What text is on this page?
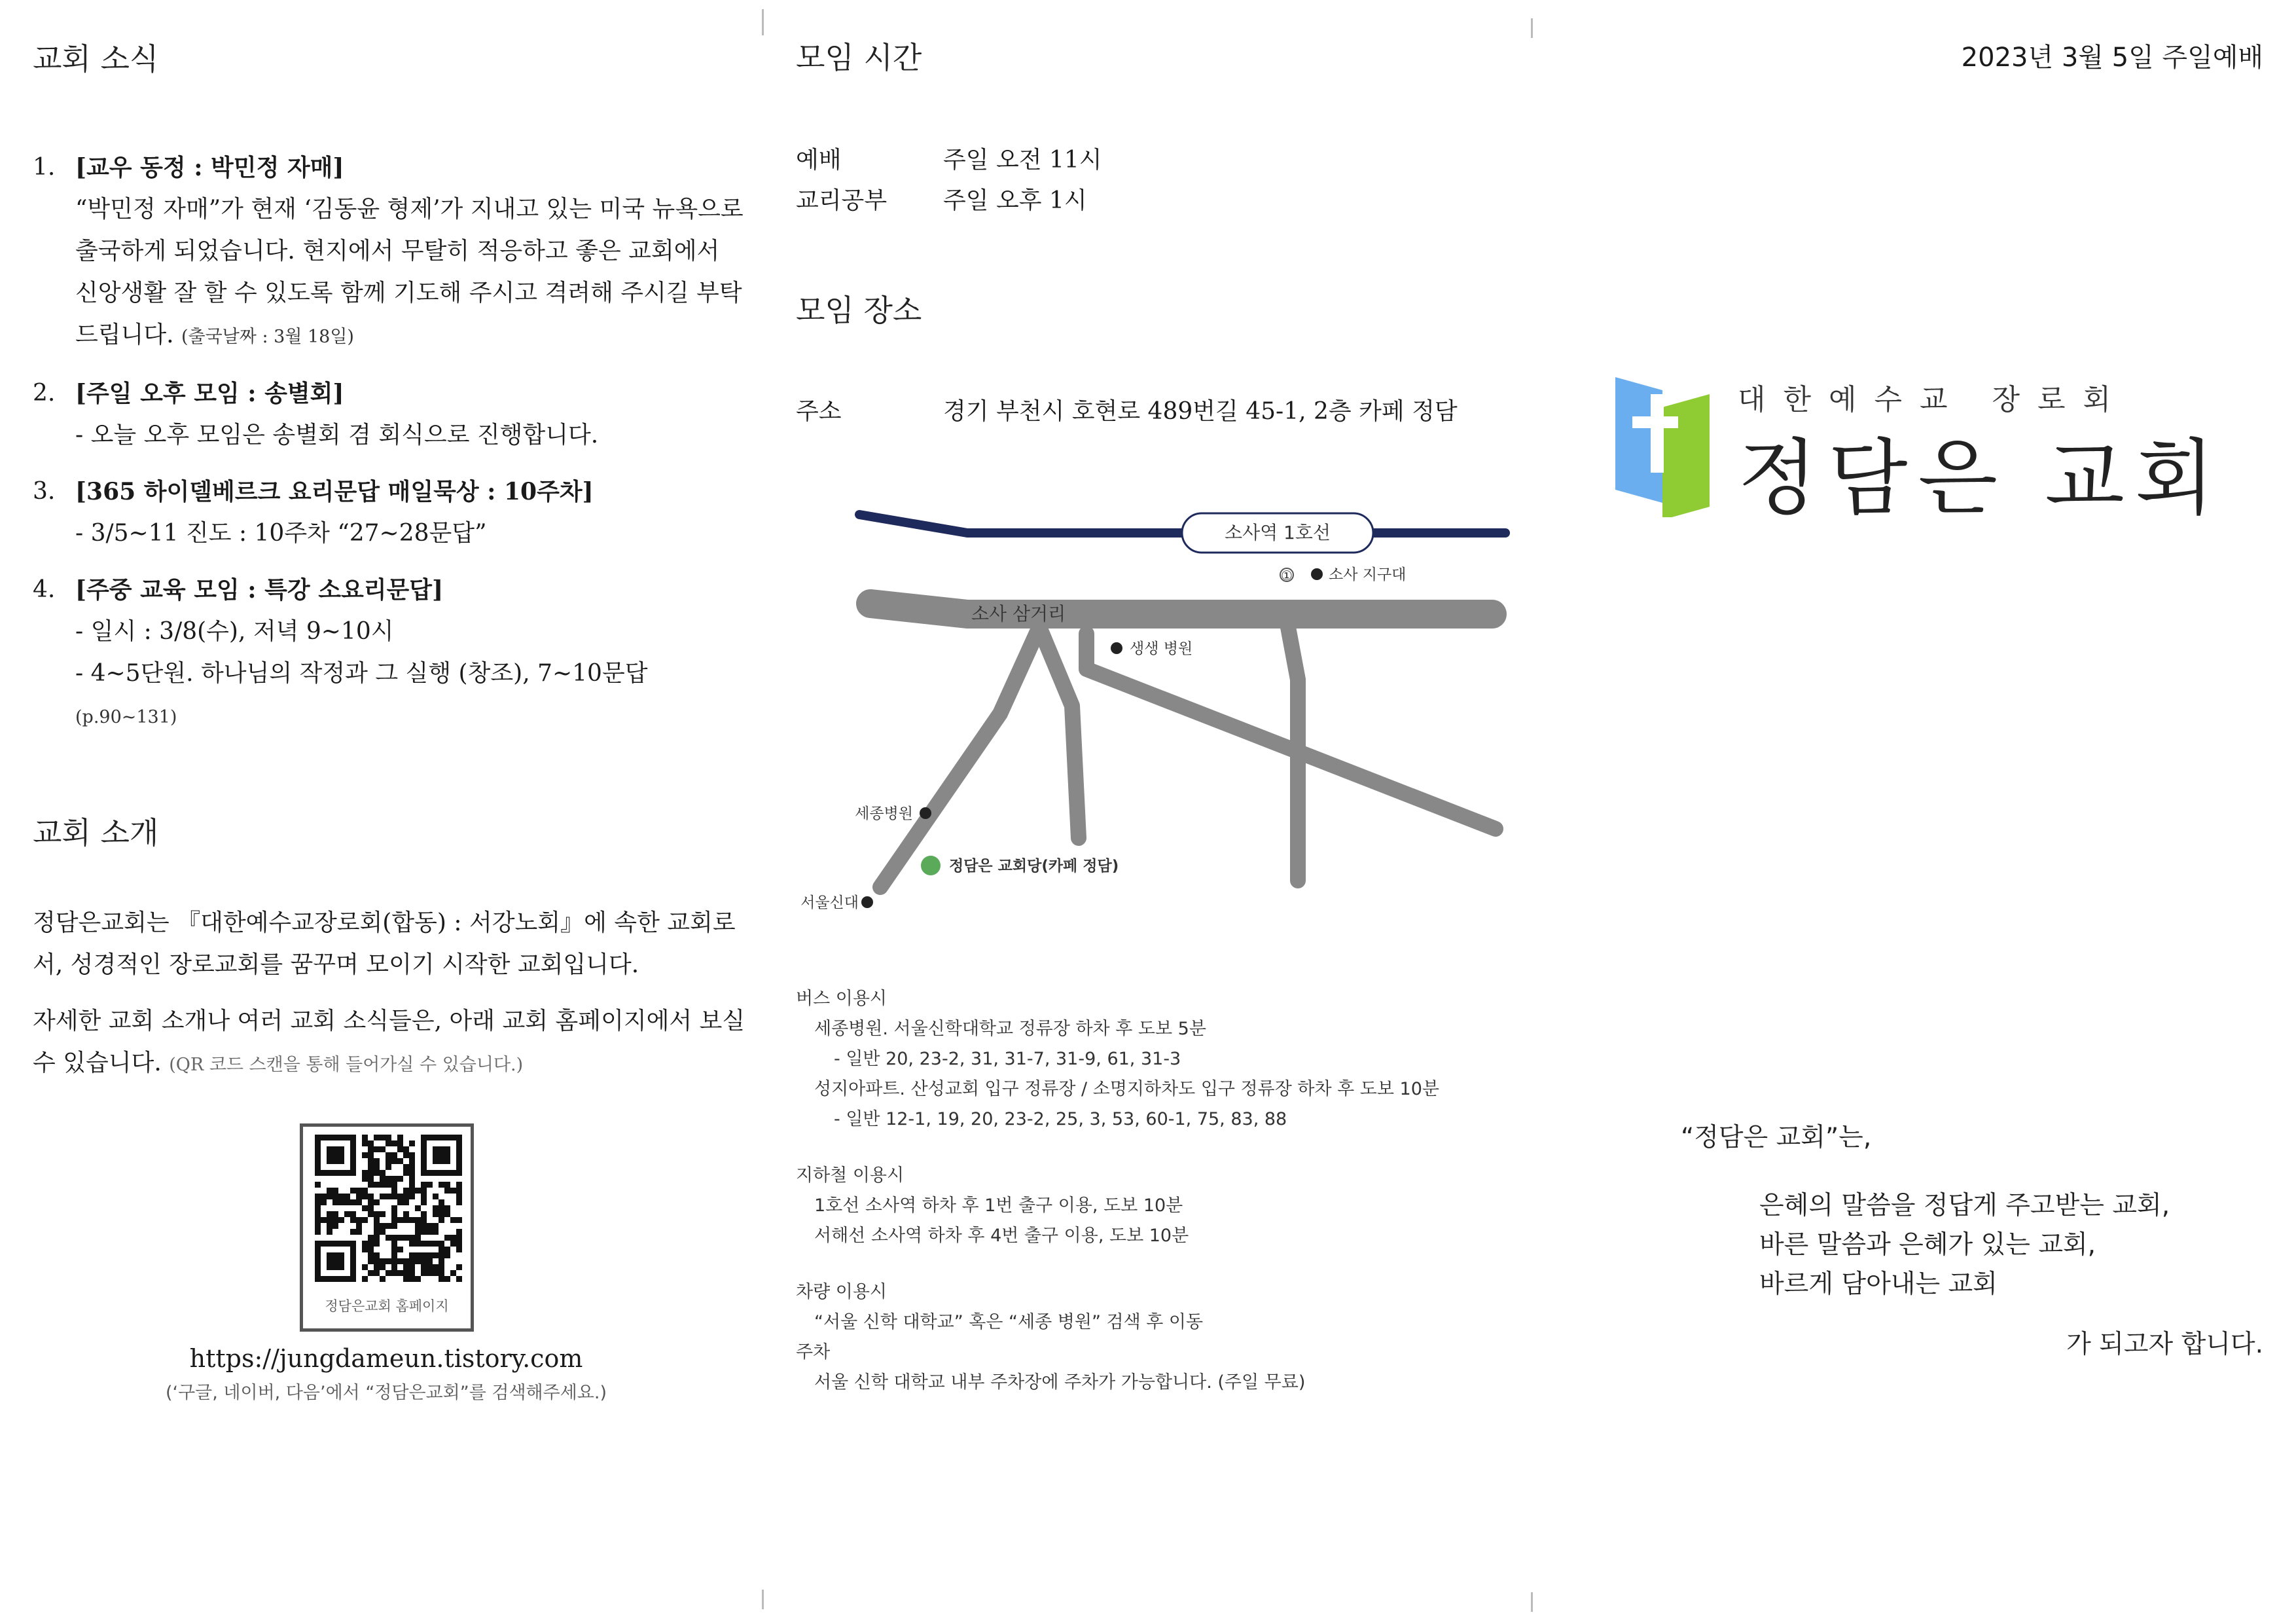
교회 소식
1. [교우 동정 : 박민정 자매]
“박민정 자매”가 현재 ‘김동윤 형제’가 지내고 있는 미국 뉴욕으로 출국하게 되었습니다. 현지에서 무탈히 적응하고 좋은 교회에서 신앙생활 잘 할 수 있도록 함께 기도해 주시고 격려해 주시길 부탁드립니다. (출국날짜 : 3월 18일)
2. [주일 오후 모임 : 송별회]
- 오늘 오후 모임은 송별회 겸 회식으로 진행합니다.
3. [365 하이델베르크 요리문답 매일묵상 : 10주차]
- 3/5~11 진도 : 10주차 “27~28문답”
4. [주중 교육 모임 : 특강 소요리문답]
- 일시 : 3/8(수), 저녁 9~10시
- 4~5단원. 하나님의 작정과 그 실행 (창조), 7~10문답 (p.90~131)
교회 소개

정담은교회는 『대한예수교장로회(합동) : 서강노회』에 속한 교회로서, 성경적인 장로교회를 꿈꾸며 모이기 시작한 교회입니다.

자세한 교회 소개나 여러 교회 소식들은, 아래 교회 홈페이지에서 보실 수 있습니다. (QR 코드 스캔을 통해 들어가실 수 있습니다.)

정담은교회 홈페이지
https://jungdameun.tistory.com
(‘구글, 네이버, 다음’에서 “정담은교회”를 검색해주세요.)
모임 시간
예배	주일 오전 11시
교리공부	주일 오후 1시
모임 장소
주소	경기 부천시 호현로 489번길 45-1, 2층 카페 정담
소사역 1호선
① 소사 지구대
소사 삼거리
생생 병원
세종병원
정담은 교회당(카페 정담)
서울신대
버스 이용시
세종병원. 서울신학대학교 정류장 하차 후 도보 5분
- 일반 20, 23-2, 31, 31-7, 31-9, 61, 31-3
성지아파트. 산성교회 입구 정류장 / 소명지하차도 입구 정류장 하차 후 도보 10분
- 일반 12-1, 19, 20, 23-2, 25, 3, 53, 60-1, 75, 83, 88
지하철 이용시
1호선 소사역 하차 후 1번 출구 이용, 도보 10분
서해선 소사역 하차 후 4번 출구 이용, 도보 10분
차량 이용시
“서울 신학 대학교” 혹은 “세종 병원” 검색 후 이동
주차
서울 신학 대학교 내부 주차장에 주차가 가능합니다. (주일 무료)
2023년 3월 5일 주일예배
대한예수교 장로회
정담은 교회
“정담은 교회”는,
은혜의 말씀을 정답게 주고받는 교회,
바른 말씀과 은혜가 있는 교회,
바르게 담아내는 교회
가 되고자 합니다.
